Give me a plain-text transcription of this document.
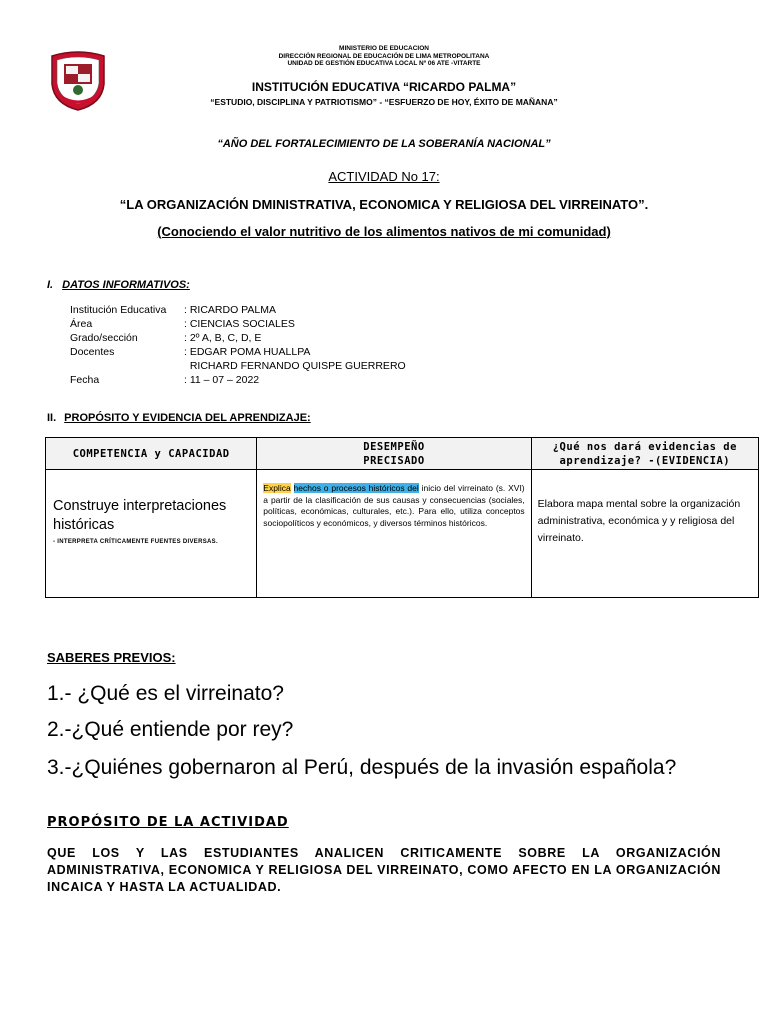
MINISTERIO DE EDUCACION
DIRECCIÓN REGIONAL DE EDUCACIÓN DE LIMA METROPOLITANA
UNIDAD DE GESTIÓN EDUCATIVA LOCAL Nº 06 ATE -VITARTE
INSTITUCIÓN EDUCATIVA “RICARDO PALMA”
“ESTUDIO, DISCIPLINA Y PATRIOTISMO” - “ESFUERZO DE HOY, ÉXITO DE MAÑANA”
“AÑO DEL FORTALECIMIENTO DE LA SOBERANÍA NACIONAL”
ACTIVIDAD No 17:
“LA ORGANIZACIÓN DMINISTRATIVA, ECONOMICA Y RELIGIOSA DEL VIRREINATO”.
(Conociendo el valor nutritivo de los alimentos nativos de mi comunidad)
I. DATOS INFORMATIVOS:
Institución Educativa	: RICARDO PALMA
Área	: CIENCIAS SOCIALES
Grado/sección	: 2º A, B, C, D, E
Docentes	: EDGAR POMA HUALLPA
RICHARD FERNANDO QUISPE GUERRERO
Fecha	: 11 – 07 – 2022
II. PROPÓSITO Y EVIDENCIA DEL APRENDIZAJE:
COMPETENCIA y CAPACIDAD	DESEMPEÑO PRECISADO	¿Qué nos dará evidencias de aprendizaje? -(EVIDENCIA)

Construye interpretaciones históricas
- INTERPRETA CRÍTICAMENTE FUENTES DIVERSAS.	Explica hechos o procesos históricos del inicio del virreinato (s. XVI) a partir de la clasificación de sus causas y consecuencias (sociales, políticas, económicas, culturales, etc.). Para ello, utiliza conceptos sociopolíticos y económicos, y diversos términos históricos.	Elabora mapa mental sobre la organización administrativa, económica y y religiosa del virreinato.
SABERES PREVIOS:
1.- ¿Qué es el virreinato?
2.-¿Qué entiende por rey?
3.-¿Quiénes gobernaron al Perú, después de la invasión española?
PROPÓSITO DE LA ACTIVIDAD
QUE LOS Y LAS ESTUDIANTES ANALICEN CRITICAMENTE SOBRE LA ORGANIZACIÓN ADMINISTRATIVA, ECONOMICA Y RELIGIOSA DEL VIRREINATO, COMO AFECTO EN LA ORGANIZACIÓN INCAICA Y HASTA LA ACTUALIDAD.
